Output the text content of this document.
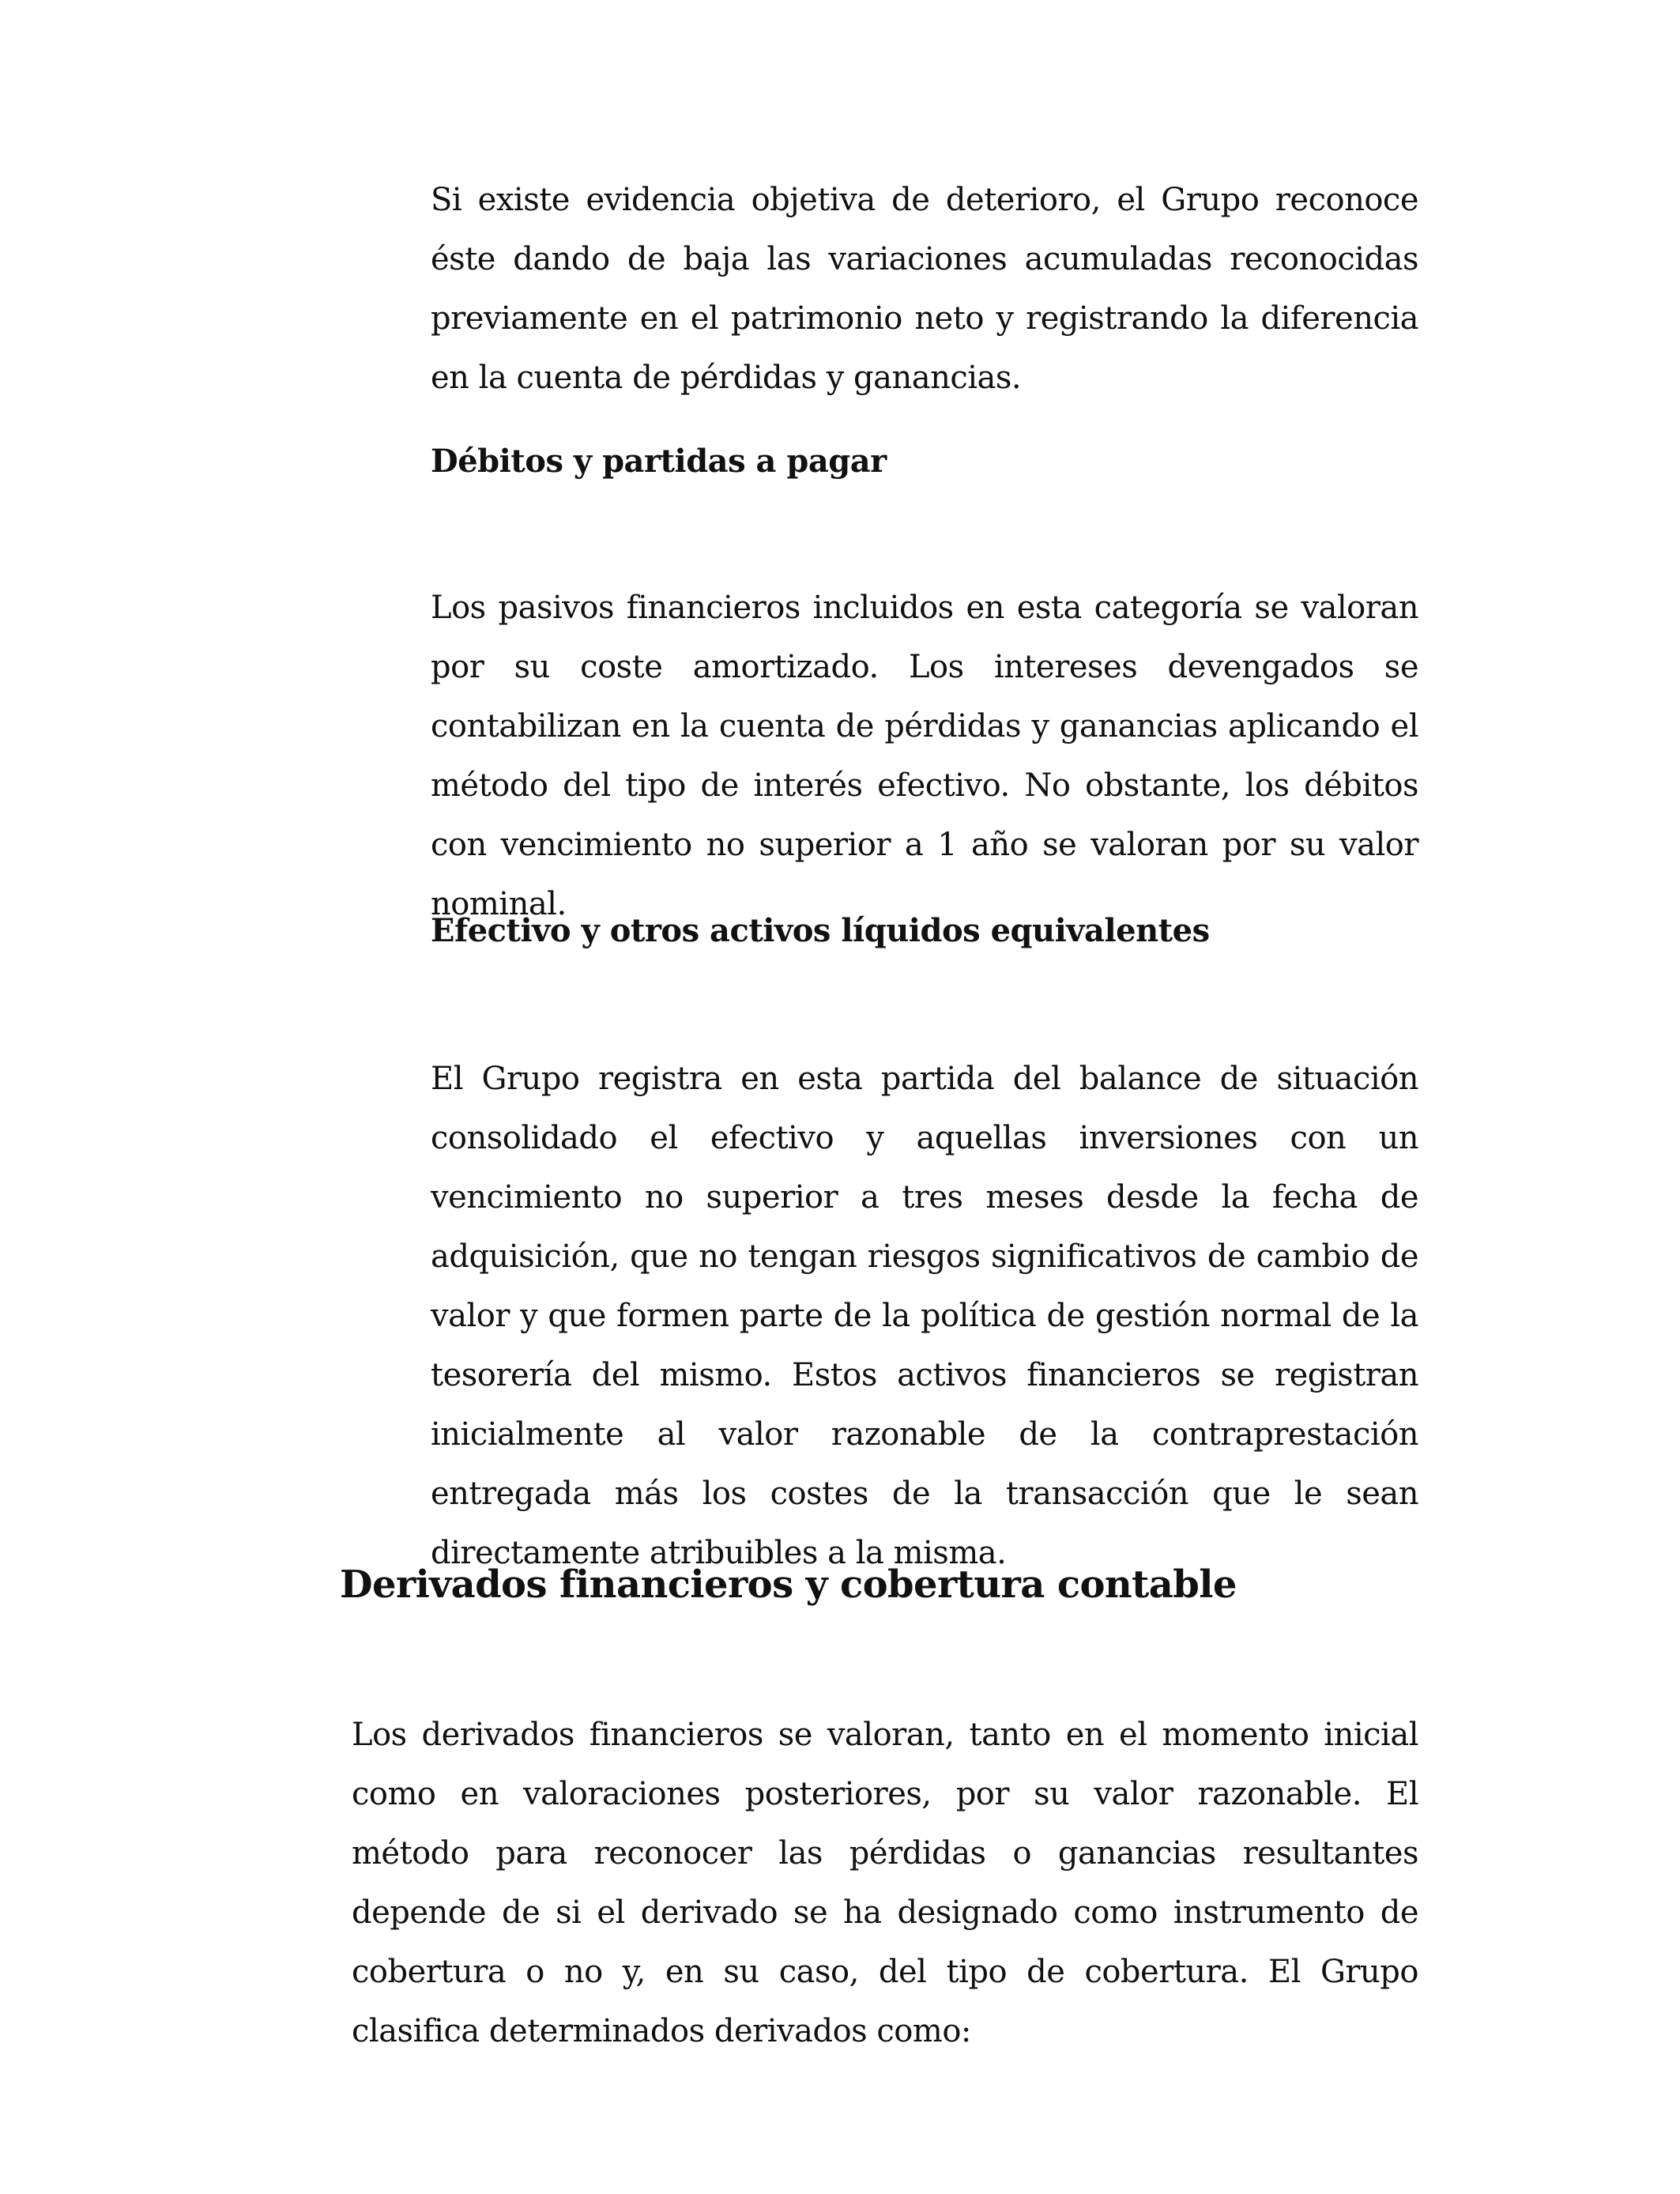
Si existe evidencia objetiva de deterioro, el Grupo reconoce éste dando de baja las variaciones acumuladas reconocidas previamente en el patrimonio neto y registrando la diferencia en la cuenta de pérdidas y ganancias.

Débitos y partidas a pagar

Los pasivos financieros incluidos en esta categoría se valoran por su coste amortizado. Los intereses devengados se contabilizan en la cuenta de pérdidas y ganancias aplicando el método del tipo de interés efectivo. No obstante, los débitos con vencimiento no superior a 1 año se valoran por su valor nominal.

Efectivo y otros activos líquidos equivalentes

El Grupo registra en esta partida del balance de situación consolidado el efectivo y aquellas inversiones con un vencimiento no superior a tres meses desde la fecha de adquisición, que no tengan riesgos significativos de cambio de valor y que formen parte de la política de gestión normal de la tesorería del mismo. Estos activos financieros se registran inicialmente al valor razonable de la contraprestación entregada más los costes de la transacción que le sean directamente atribuibles a la misma.

Derivados financieros y cobertura contable

Los derivados financieros se valoran, tanto en el momento inicial como en valoraciones posteriores, por su valor razonable. El método para reconocer las pérdidas o ganancias resultantes depende de si el derivado se ha designado como instrumento de cobertura o no y, en su caso, del tipo de cobertura. El Grupo clasifica determinados derivados como:
